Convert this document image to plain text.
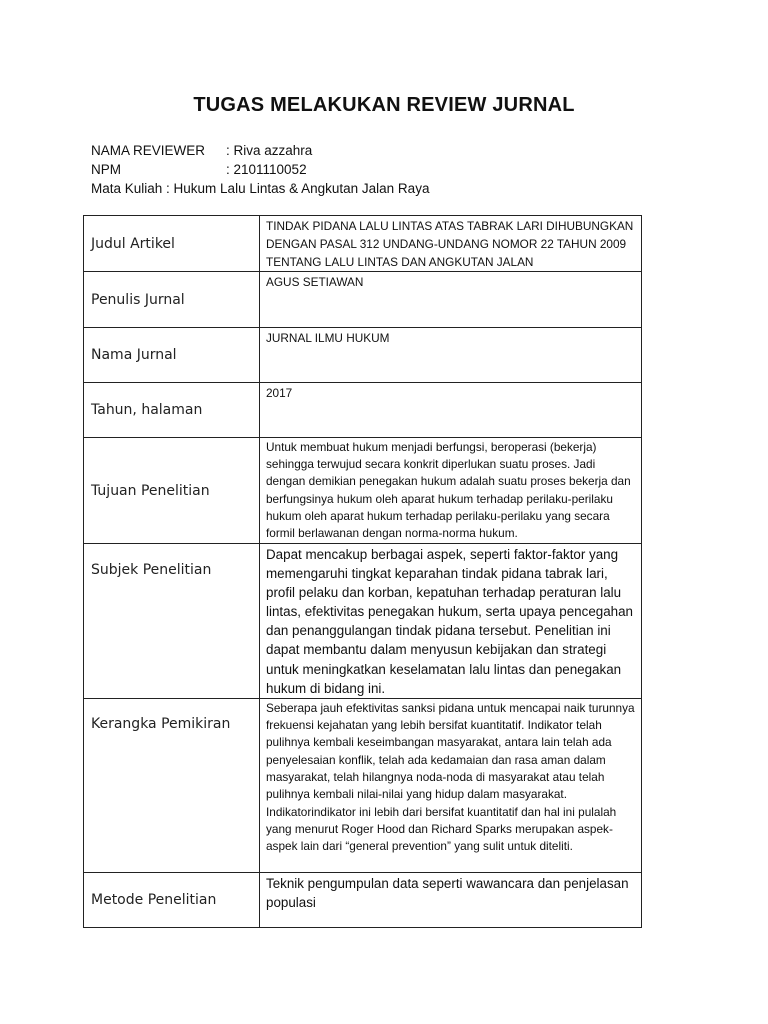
TUGAS MELAKUKAN REVIEW JURNAL
NAMA REVIEWER : Riva azzahra
NPM	: 2101110052
Mata Kuliah : Hukum Lalu Lintas & Angkutan Jalan Raya
Judul Artikel	TINDAK PIDANA LALU LINTAS ATAS TABRAK LARI DIHUBUNGKAN DENGAN PASAL 312 UNDANG-UNDANG NOMOR 22 TAHUN 2009 TENTANG LALU LINTAS DAN ANGKUTAN JALAN
Penulis Jurnal	AGUS SETIAWAN
Nama Jurnal	JURNAL ILMU HUKUM
Tahun, halaman	2017
Tujuan Penelitian	Untuk membuat hukum menjadi berfungsi, beroperasi (bekerja) sehingga terwujud secara konkrit diperlukan suatu proses. Jadi dengan demikian penegakan hukum adalah suatu proses bekerja dan berfungsinya hukum oleh aparat hukum terhadap perilaku-perilaku hukum oleh aparat hukum terhadap perilaku-perilaku yang secara formil berlawanan dengan norma-norma hukum.
Subjek Penelitian	Dapat mencakup berbagai aspek, seperti faktor-faktor yang memengaruhi tingkat keparahan tindak pidana tabrak lari, profil pelaku dan korban, kepatuhan terhadap peraturan lalu lintas, efektivitas penegakan hukum, serta upaya pencegahan dan penanggulangan tindak pidana tersebut. Penelitian ini dapat membantu dalam menyusun kebijakan dan strategi untuk meningkatkan keselamatan lalu lintas dan penegakan hukum di bidang ini.
Kerangka Pemikiran	Seberapa jauh efektivitas sanksi pidana untuk mencapai naik turunnya frekuensi kejahatan yang lebih bersifat kuantitatif. Indikator telah pulihnya kembali keseimbangan masyarakat, antara lain telah ada penyelesaian konflik, telah ada kedamaian dan rasa aman dalam masyarakat, telah hilangnya noda-noda di masyarakat atau telah pulihnya kembali nilai-nilai yang hidup dalam masyarakat. Indikatorindikator ini lebih dari bersifat kuantitatif dan hal ini pulalah yang menurut Roger Hood dan Richard Sparks merupakan aspek-aspek lain dari “general prevention” yang sulit untuk diteliti.
Metode Penelitian	Teknik pengumpulan data seperti wawancara dan penjelasan populasi
